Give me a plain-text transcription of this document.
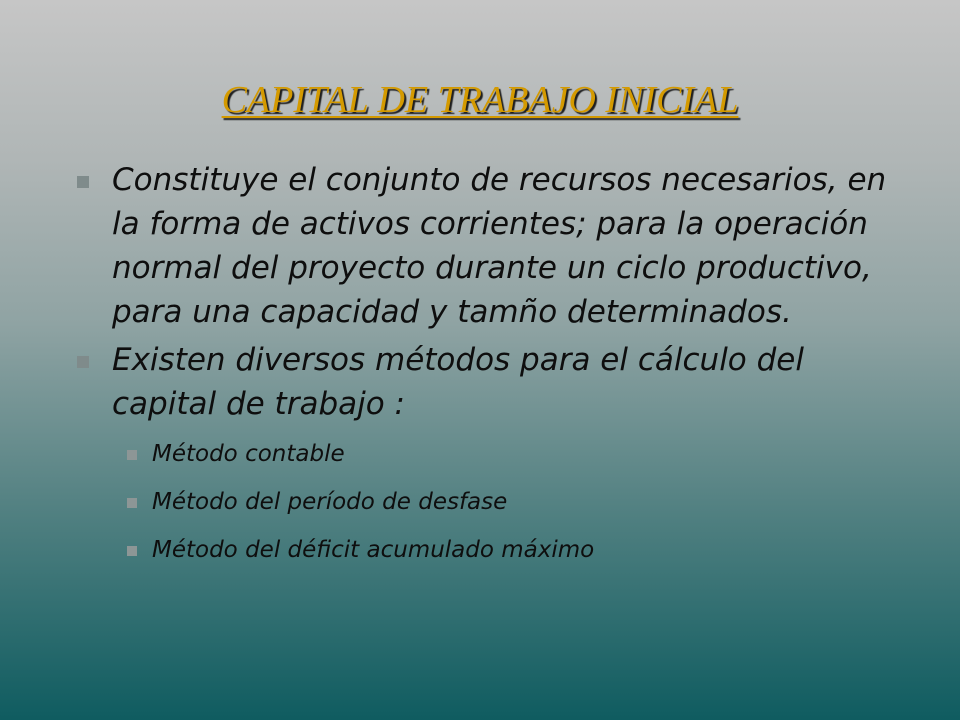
CAPITAL DE TRABAJO INICIAL
Constituye el conjunto de recursos necesarios, en la forma de activos corrientes; para la operación normal del proyecto durante un ciclo productivo, para una capacidad y tamño determinados.
Existen diversos métodos para el cálculo del capital de trabajo :
Método contable
Método del período de desfase
Método del déficit acumulado máximo
